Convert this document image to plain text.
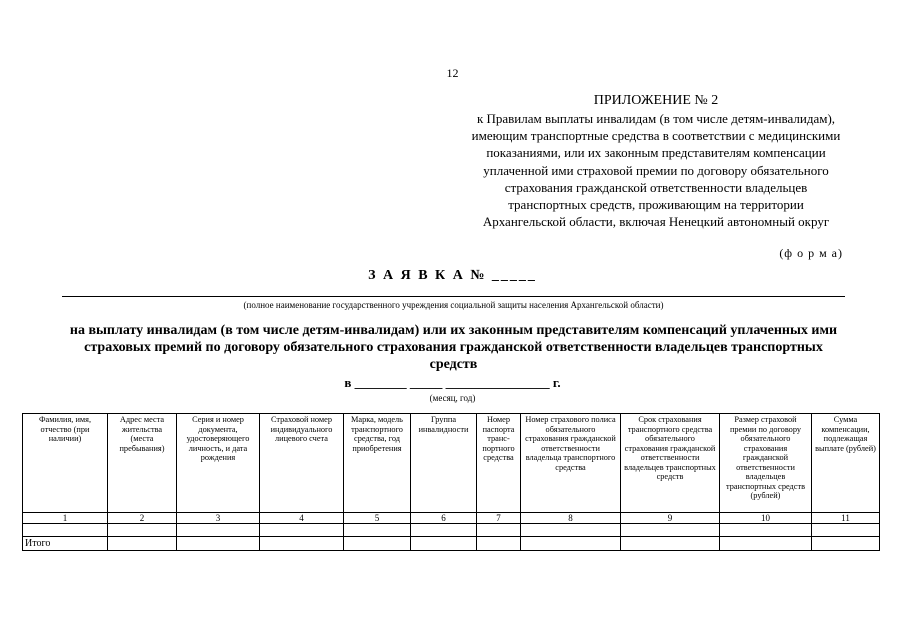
12
ПРИЛОЖЕНИЕ № 2
к Правилам выплаты инвалидам (в том числе детям-инвалидам), имеющим транспортные средства в соответствии с медицинскими показаниями, или их законным представителям компенсации уплаченной ими страховой премии по договору обязательного страхования гражданской ответственности владельцев транспортных средств, проживающим на территории Архангельской области, включая Ненецкий автономный округ
(ф о р м а)
З А Я В К А № _____
(полное наименование государственного учреждения социальной защиты населения Архангельской области)
на выплату инвалидам (в том числе детям-инвалидам) или их законным представителям компенсаций уплаченных ими страховых премий по договору обязательного страхования гражданской ответственности владельцев транспортных средств
в ________ _____ ________________ г.
(месяц, год)
Фамилия, имя, отчество (при наличии)	Адрес места жительства (места пребывания)	Серия и номер документа, удостоверяющего личность, и дата рождения	Страховой номер индивидуального лицевого счета	Марка, модель транспортного средства, год приобретения	Группа инвалидности	Номер паспорта транс- портного средства	Номер страхового полиса обязательного страхования гражданской ответственности владельца транспортного средства	Срок страхования транспортного средства обязательного страхования гражданской ответственности владельцев транспортных средств	Размер страховой премии по договору обязательного страхования гражданской ответственности владельцев транспортных средств (рублей)	Сумма компенсации, подлежащая выплате (рублей)
1	2	3	4	5	6	7	8	9	10	11

Итого										
